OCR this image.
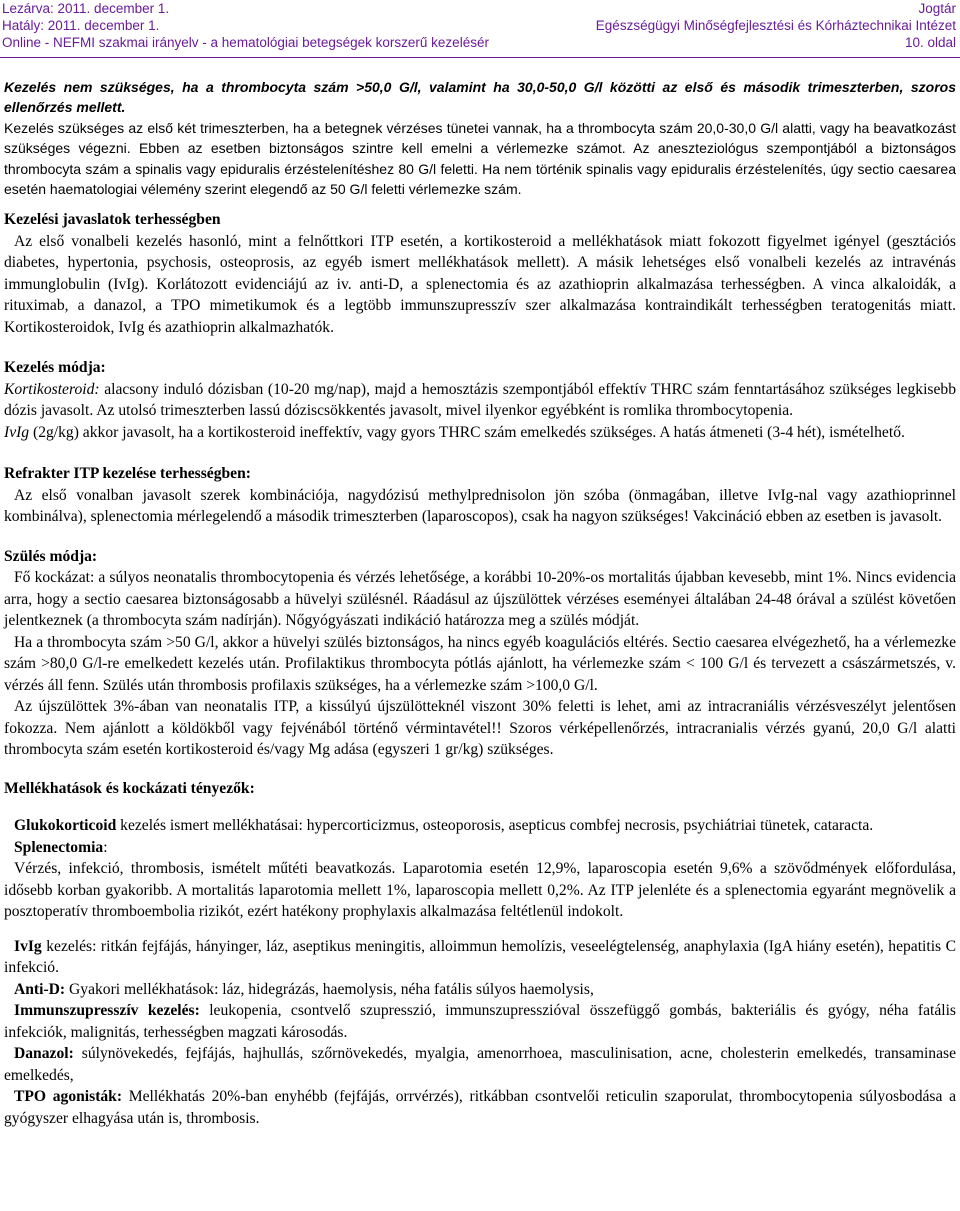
Lezárva: 2011. december 1.
Hatály: 2011. december 1.
Online - NEFMI szakmai irányelv - a hematológiai betegségek korszerű kezelésér
Jogtár
Egészségügyi Minőségfejlesztési és Kórháztechnikai Intézet
10. oldal

Kezelés nem szükséges, ha a thrombocyta szám >50,0 G/l, valamint ha 30,0-50,0 G/l közötti az első és második trimeszterben, szoros ellenőrzés mellett.

Kezelés szükséges az első két trimeszterben, ha a betegnek vérzéses tünetei vannak, ha a thrombocyta szám 20,0-30,0 G/l alatti, vagy ha beavatkozást szükséges végezni. Ebben az esetben biztonságos szintre kell emelni a vérlemezke számot. Az aneszteziológus szempontjából a biztonságos thrombocyta szám a spinalis vagy epiduralis érzéstelenítéshez 80 G/l feletti. Ha nem történik spinalis vagy epiduralis érzéstelenítés, úgy sectio caesarea esetén haematologiai vélemény szerint elegendő az 50 G/l feletti vérlemezke szám.

Kezelési javaslatok terhességben

Az első vonalbeli kezelés hasonló, mint a felnőttkori ITP esetén, a kortikosteroid a mellékhatások miatt fokozott figyelmet igényel (gesztációs diabetes, hypertonia, psychosis, osteoprosis, az egyéb ismert mellékhatások mellett). A másik lehetséges első vonalbeli kezelés az intravénás immunglobulin (IvIg). Korlátozott evidenciájú az iv. anti-D, a splenectomia és az azathioprin alkalmazása terhességben. A vinca alkaloidák, a rituximab, a danazol, a TPO mimetikumok és a legtöbb immunszupresszív szer alkalmazása kontraindikált terhességben teratogenitás miatt. Kortikosteroidok, IvIg és azathioprin alkalmazhatók.

Kezelés módja:

Kortikosteroid: alacsony induló dózisban (10-20 mg/nap), majd a hemosztázis szempontjából effektív THRC szám fenntartásához szükséges legkisebb dózis javasolt. Az utolsó trimeszterben lassú dóziscsökkentés javasolt, mivel ilyenkor egyébként is romlika thrombocytopenia.

IvIg (2g/kg) akkor javasolt, ha a kortikosteroid ineffektív, vagy gyors THRC szám emelkedés szükséges. A hatás átmeneti (3-4 hét), ismételhető.

Refrakter ITP kezelése terhességben:

Az első vonalban javasolt szerek kombinációja, nagydózisú methylprednisolon jön szóba (önmagában, illetve IvIg-nal vagy azathioprinnel kombinálva), splenectomia mérlegelendő a második trimeszterben (laparoscopos), csak ha nagyon szükséges! Vakcináció ebben az esetben is javasolt.

Szülés módja:

Fő kockázat: a súlyos neonatalis thrombocytopenia és vérzés lehetősége, a korábbi 10-20%-os mortalitás újabban kevesebb, mint 1%. Nincs evidencia arra, hogy a sectio caesarea biztonságosabb a hüvelyi szülésnél. Ráadásul az újszülöttek vérzéses eseményei általában 24-48 órával a szülést követően jelentkeznek (a thrombocyta szám nadírján). Nőgyógyászati indikáció határozza meg a szülés módját.

Ha a thrombocyta szám >50 G/l, akkor a hüvelyi szülés biztonságos, ha nincs egyéb koagulációs eltérés. Sectio caesarea elvégezhető, ha a vérlemezke szám >80,0 G/l-re emelkedett kezelés után. Profilaktikus thrombocyta pótlás ajánlott, ha vérlemezke szám < 100 G/l és tervezett a császármetszés, v. vérzés áll fenn. Szülés után thrombosis profilaxis szükséges, ha a vérlemezke szám >100,0 G/l.

Az újszülöttek 3%-ában van neonatalis ITP, a kissúlyú újszülötteknél viszont 30% feletti is lehet, ami az intracraniális vérzésveszélyt jelentősen fokozza. Nem ajánlott a köldökből vagy fejvénából történő vérmintavétel!! Szoros vérképellenőrzés, intracranialis vérzés gyanú, 20,0 G/l alatti thrombocyta szám esetén kortikosteroid és/vagy Mg adása (egyszeri 1 gr/kg) szükséges.

Mellékhatások és kockázati tényezők:

Glukokorticoid kezelés ismert mellékhatásai: hypercorticizmus, osteoporosis, asepticus combfej necrosis, psychiátriai tünetek, cataracta.

Splenectomia:

Vérzés, infekció, thrombosis, ismételt műtéti beavatkozás. Laparotomia esetén 12,9%, laparoscopia esetén 9,6% a szövődmények előfordulása, idősebb korban gyakoribb. A mortalitás laparotomia mellett 1%, laparoscopia mellett 0,2%. Az ITP jelenléte és a splenectomia egyaránt megnövelik a posztoperatív thromboembolia rizikót, ezért hatékony prophylaxis alkalmazása feltétlenül indokolt.

IvIg kezelés: ritkán fejfájás, hányinger, láz, aseptikus meningitis, alloimmun hemolízis, veseelégtelenség, anaphylaxia (IgA hiány esetén), hepatitis C infekció.

Anti-D: Gyakori mellékhatások: láz, hidegrázás, haemolysis, néha fatális súlyos haemolysis,

Immunszupresszív kezelés: leukopenia, csontvelő szupresszió, immunszupresszióval összefüggő gombás, bakteriális és gyógy, néha fatális infekciók, malignitás, terhességben magzati károsodás.

Danazol: súlynövekedés, fejfájás, hajhullás, szőrnövekedés, myalgia, amenorrhoea, masculinisation, acne, cholesterin emelkedés, transaminase emelkedés,

TPO agonisták: Mellékhatás 20%-ban enyhébb (fejfájás, orrvérzés), ritkábban csontvelői reticulin szaporulat, thrombocytopenia súlyosbodása a gyógyszer elhagyása után is, thrombosis.
